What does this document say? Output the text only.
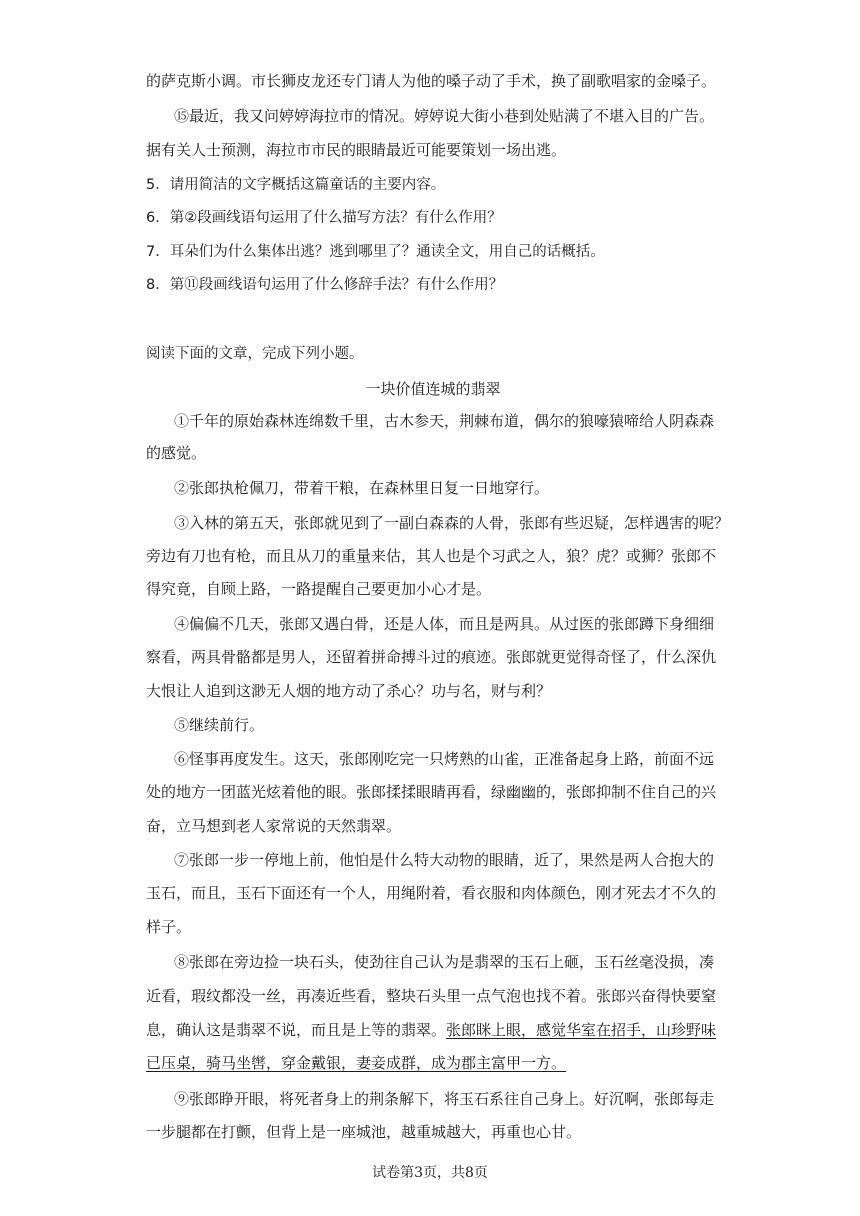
的萨克斯小调。市长狮皮龙还专门请人为他的嗓子动了手术，换了副歌唱家的金嗓子。
⑮最近，我又问婷婷海拉市的情况。婷婷说大街小巷到处贴满了不堪入目的广告。
据有关人士预测，海拉市市民的眼睛最近可能要策划一场出逃。
5．请用简洁的文字概括这篇童话的主要内容。
6．第②段画线语句运用了什么描写方法？有什么作用？
7．耳朵们为什么集体出逃？逃到哪里了？通读全文，用自己的话概括。
8．第⑪段画线语句运用了什么修辞手法？有什么作用？
阅读下面的文章，完成下列小题。
一块价值连城的翡翠
①千年的原始森林连绵数千里，古木参天，荆棘布道，偶尔的狼嚎猿啼给人阴森森
的感觉。
②张郎执枪佩刀，带着干粮，在森林里日复一日地穿行。
③入林的第五天，张郎就见到了一副白森森的人骨，张郎有些迟疑，怎样遇害的呢？
旁边有刀也有枪，而且从刀的重量来估，其人也是个习武之人，狼？虎？或狮？张郎不
得究竟，自顾上路，一路提醒自己要更加小心才是。
④偏偏不几天，张郎又遇白骨，还是人体，而且是两具。从过医的张郎蹲下身细细
察看，两具骨骼都是男人，还留着拼命搏斗过的痕迹。张郎就更觉得奇怪了，什么深仇
大恨让人追到这渺无人烟的地方动了杀心？功与名，财与利？
⑤继续前行。
⑥怪事再度发生。这天，张郎刚吃完一只烤熟的山雀，正准备起身上路，前面不远
处的地方一团蓝光炫着他的眼。张郎揉揉眼睛再看，绿幽幽的，张郎抑制不住自己的兴
奋，立马想到老人家常说的天然翡翠。
⑦张郎一步一停地上前，他怕是什么特大动物的眼睛，近了，果然是两人合抱大的
玉石，而且，玉石下面还有一个人，用绳附着，看衣服和肉体颜色，刚才死去才不久的
样子。
⑧张郎在旁边捡一块石头，使劲往自己认为是翡翠的玉石上砸，玉石丝毫没损，凑
近看，瑕纹都没一丝，再凑近些看，整块石头里一点气泡也找不着。张郎兴奋得快要窒
息，确认这是翡翠不说，而且是上等的翡翠。张郎眯上眼，感觉华室在招手，山珍野味
已压桌，骑马坐辔，穿金戴银，妻妾成群，成为郡主富甲一方。
⑨张郎睁开眼，将死者身上的荆条解下，将玉石系往自己身上。好沉啊，张郎每走
一步腿都在打颤，但背上是一座城池，越重城越大，再重也心甘。
试卷第3页，共8页
